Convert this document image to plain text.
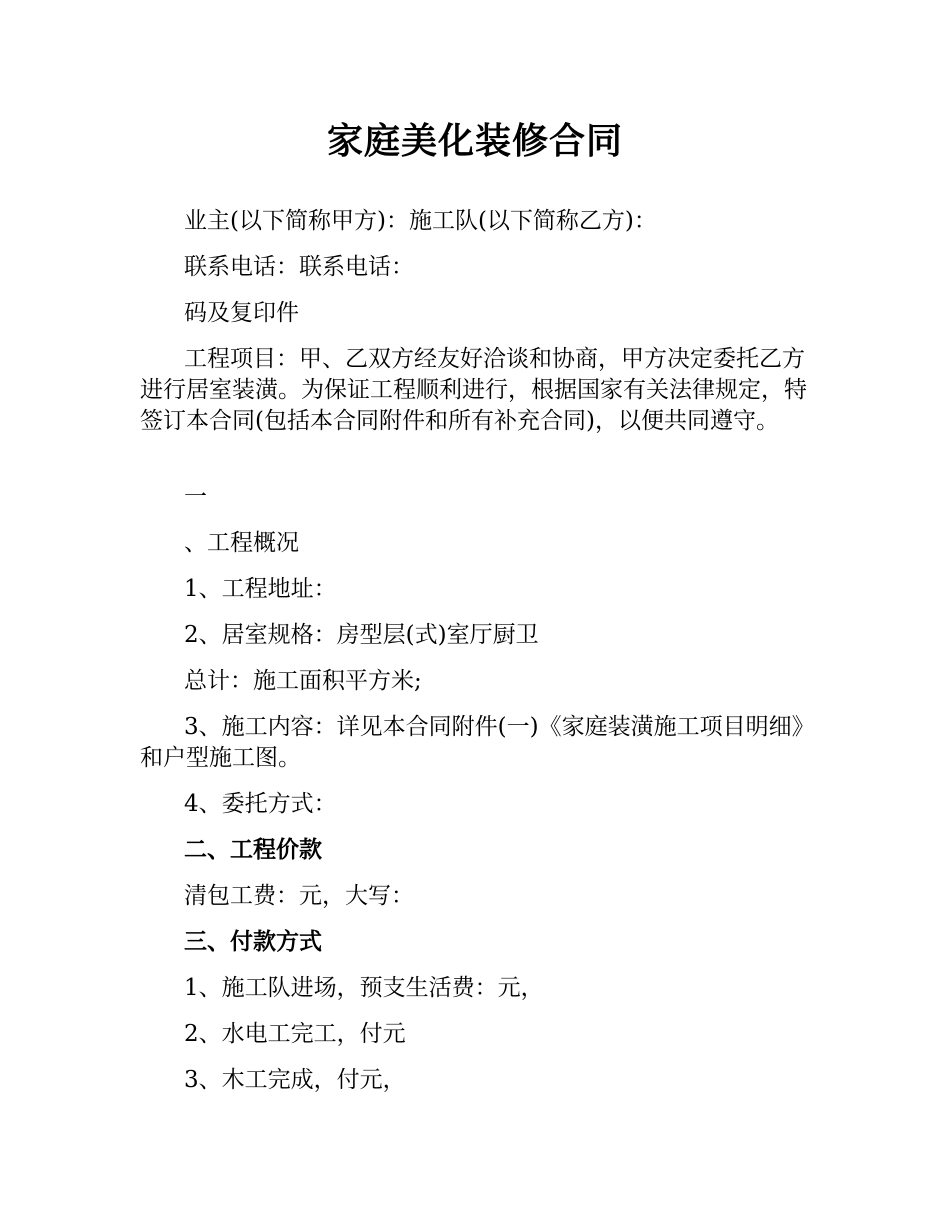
家庭美化装修合同

业主(以下简称甲方)：施工队(以下简称乙方)：

联系电话：联系电话：

码及复印件

工程项目：甲、乙双方经友好洽谈和协商，甲方决定委托乙方进行居室装潢。为保证工程顺利进行，根据国家有关法律规定，特签订本合同(包括本合同附件和所有补充合同)，以便共同遵守。

一

、工程概况

1、工程地址：

2、居室规格：房型层(式)室厅厨卫

总计：施工面积平方米;

3、施工内容：详见本合同附件(一)《家庭装潢施工项目明细》和户型施工图。

4、委托方式：

二、工程价款

清包工费：元，大写：

三、付款方式

1、施工队进场，预支生活费：元，

2、水电工完工，付元

3、木工完成，付元，
